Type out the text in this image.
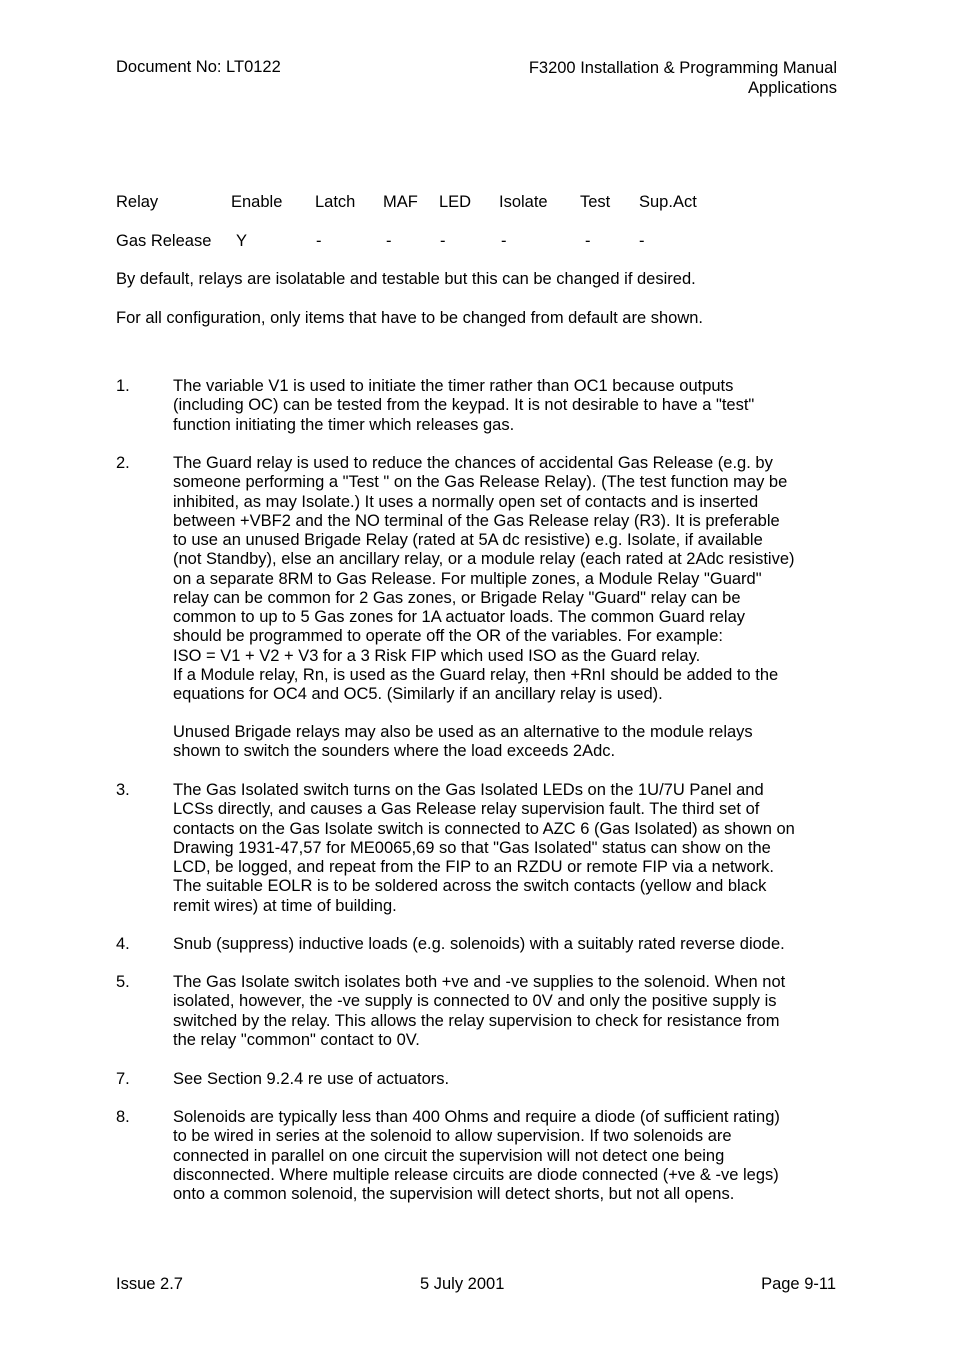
Document No: LT0122	F3200 Installation & Programming Manual
Applications
Relay	Enable Latch MAF LED Isolate Test Sup.Act
Gas Release Y	-	-	-	-	-	-
By default, relays are isolatable and testable but this can be changed if desired.
For all configuration, only items that have to be changed from default are shown.
1.	The variable V1 is used to initiate the timer rather than OC1 because outputs
(including OC) can be tested from the keypad. It is not desirable to have a "test"
function initiating the timer which releases gas.
2.	The Guard relay is used to reduce the chances of accidental Gas Release (e.g. by
someone performing a "Test " on the Gas Release Relay). (The test function may be
inhibited, as may Isolate.) It uses a normally open set of contacts and is inserted
between +VBF2 and the NO terminal of the Gas Release relay (R3). It is preferable
to use an unused Brigade Relay (rated at 5A dc resistive) e.g. Isolate, if available
(not Standby), else an ancillary relay, or a module relay (each rated at 2Adc resistive)
on a separate 8RM to Gas Release. For multiple zones, a Module Relay "Guard"
relay can be common for 2 Gas zones, or Brigade Relay "Guard" relay can be
common to up to 5 Gas zones for 1A actuator loads. The common Guard relay
should be programmed to operate off the OR of the variables. For example:
ISO = V1 + V2 + V3 for a 3 Risk FIP which used ISO as the Guard relay.
If a Module relay, Rn, is used as the Guard relay, then +RnI should be added to the
equations for OC4 and OC5. (Similarly if an ancillary relay is used).
Unused Brigade relays may also be used as an alternative to the module relays
shown to switch the sounders where the load exceeds 2Adc.
3.	The Gas Isolated switch turns on the Gas Isolated LEDs on the 1U/7U Panel and
LCSs directly, and causes a Gas Release relay supervision fault. The third set of
contacts on the Gas Isolate switch is connected to AZC 6 (Gas Isolated) as shown on
Drawing 1931-47,57 for ME0065,69 so that "Gas Isolated" status can show on the
LCD, be logged, and repeat from the FIP to an RZDU or remote FIP via a network.
The suitable EOLR is to be soldered across the switch contacts (yellow and black
remit wires) at time of building.
4.	Snub (suppress) inductive loads (e.g. solenoids) with a suitably rated reverse diode.
5.	The Gas Isolate switch isolates both +ve and -ve supplies to the solenoid. When not
isolated, however, the -ve supply is connected to 0V and only the positive supply is
switched by the relay. This allows the relay supervision to check for resistance from
the relay "common" contact to 0V.
7.	See Section 9.2.4 re use of actuators.
8.	Solenoids are typically less than 400 Ohms and require a diode (of sufficient rating)
to be wired in series at the solenoid to allow supervision. If two solenoids are
connected in parallel on one circuit the supervision will not detect one being
disconnected. Where multiple release circuits are diode connected (+ve & -ve legs)
onto a common solenoid, the supervision will detect shorts, but not all opens.
Issue 2.7	5 July 2001	Page 9-11
